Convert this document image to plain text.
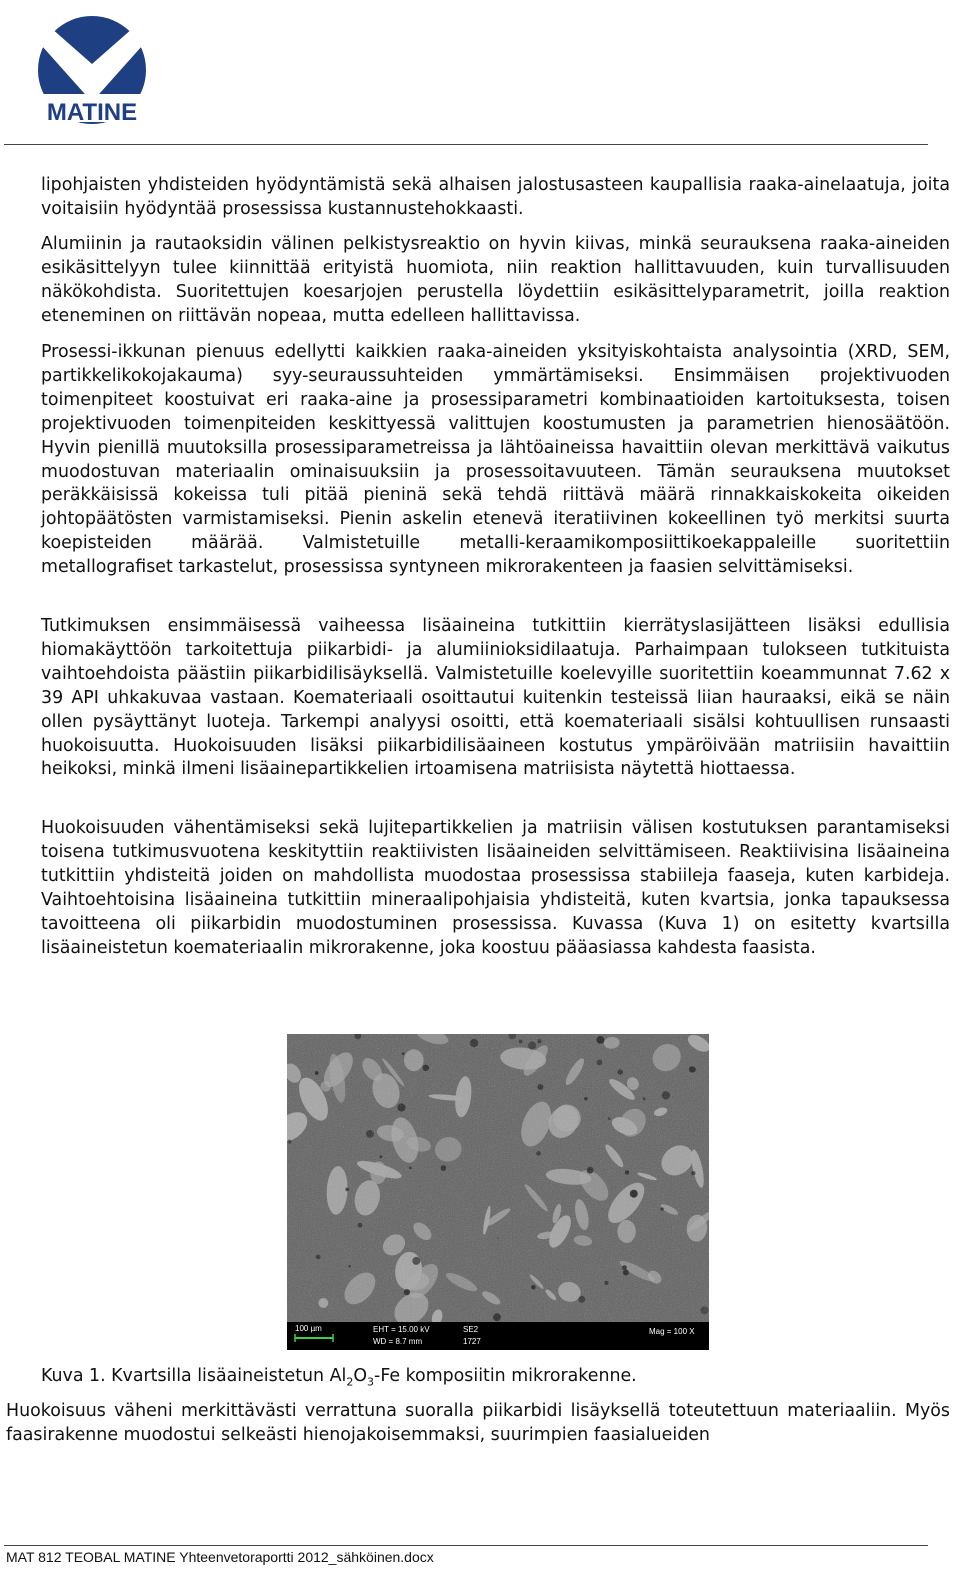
MATINE

lipohjaisten yhdisteiden hyödyntämistä sekä alhaisen jalostusasteen kaupallisia raaka-ainelaatuja, joita voitaisiin hyödyntää prosessissa kustannustehokkaasti.

Alumiinin ja rautaoksidin välinen pelkistysreaktio on hyvin kiivas, minkä seurauksena raaka-aineiden esikäsittelyyn tulee kiinnittää erityistä huomiota, niin reaktion hallittavuuden, kuin turvallisuuden näkökohdista. Suoritettujen koesarjojen perustella löydettiin esikäsittelyparametrit, joilla reaktion eteneminen on riittävän nopeaa, mutta edelleen hallittavissa.

Prosessi-ikkunan pienuus edellytti kaikkien raaka-aineiden yksityiskohtaista analysointia (XRD, SEM, partikkelikokojakauma) syy-seuraussuhteiden ymmärtämiseksi. Ensimmäisen projektivuoden toimenpiteet koostuivat eri raaka-aine ja prosessiparametri kombinaatioiden kartoituksesta, toisen projektivuoden toimenpiteiden keskittyessä valittujen koostumusten ja parametrien hienosäätöön. Hyvin pienillä muutoksilla prosessiparametreissa ja lähtöaineissa havaittiin olevan merkittävä vaikutus muodostuvan materiaalin ominaisuuksiin ja prosessoitavuuteen. Tämän seurauksena muutokset peräkkäisissä kokeissa tuli pitää pieninä sekä tehdä riittävä määrä rinnakkaiskokeita oikeiden johtopäätösten varmistamiseksi. Pienin askelin etenevä iteratiivinen kokeellinen työ merkitsi suurta koepisteiden määrää. Valmistetuille metalli-keraamikomposiittikoekappaleille suoritettiin metallografiset tarkastelut, prosessissa syntyneen mikrorakenteen ja faasien selvittämiseksi.

Tutkimuksen ensimmäisessä vaiheessa lisäaineina tutkittiin kierrätyslasijätteen lisäksi edullisia hiomakäyttöön tarkoitettuja piikarbidi- ja alumiinioksidilaatuja. Parhaimpaan tulokseen tutkituista vaihtoehdoista päästiin piikarbidilisäyksellä. Valmistetuille koelevyille suoritettiin koeammunnat 7.62 x 39 API uhkakuvaa vastaan. Koemateriaali osoittautui kuitenkin testeissä liian hauraaksi, eikä se näin ollen pysäyttänyt luoteja. Tarkempi analyysi osoitti, että koemateriaali sisälsi kohtuullisen runsaasti huokoisuutta. Huokoisuuden lisäksi piikarbidilisäaineen kostutus ympäröivään matriisiin havaittiin heikoksi, minkä ilmeni lisäainepartikkelien irtoamisena matriisista näytettä hiottaessa.

Huokoisuuden vähentämiseksi sekä lujitepartikkelien ja matriisin välisen kostutuksen parantamiseksi toisena tutkimusvuotena keskityttiin reaktiivisten lisäaineiden selvittämiseen. Reaktiivisina lisäaineina tutkittiin yhdisteitä joiden on mahdollista muodostaa prosessissa stabiileja faaseja, kuten karbideja. Vaihtoehtoisina lisäaineina tutkittiin mineraalipohjaisia yhdisteitä, kuten kvartsia, jonka tapauksessa tavoitteena oli piikarbidin muodostuminen prosessissa. Kuvassa (Kuva 1) on esitetty kvartsilla lisäaineistetun koemateriaalin mikrorakenne, joka koostuu pääasiassa kahdesta faasista.

100 µm	EHT = 15.00 kV
WD = 8.7 mm
SE2
1727
Mag = 100 X

Kuva 1. Kvartsilla lisäaineistetun $Al_2O_3-Fe$ komposiitin mikrorakenne.

Huokoisuus väheni merkittävästi verrattuna suoralla piikarbidi lisäyksellä toteutettuun materiaaliin. Myös faasirakenne muodostui selkeästi hienojakoisemmaksi, suurimpien faasialueiden

MAT 812 TEOBAL MATINE Yhteenvetoraportti 2012_sähköinen.docx
